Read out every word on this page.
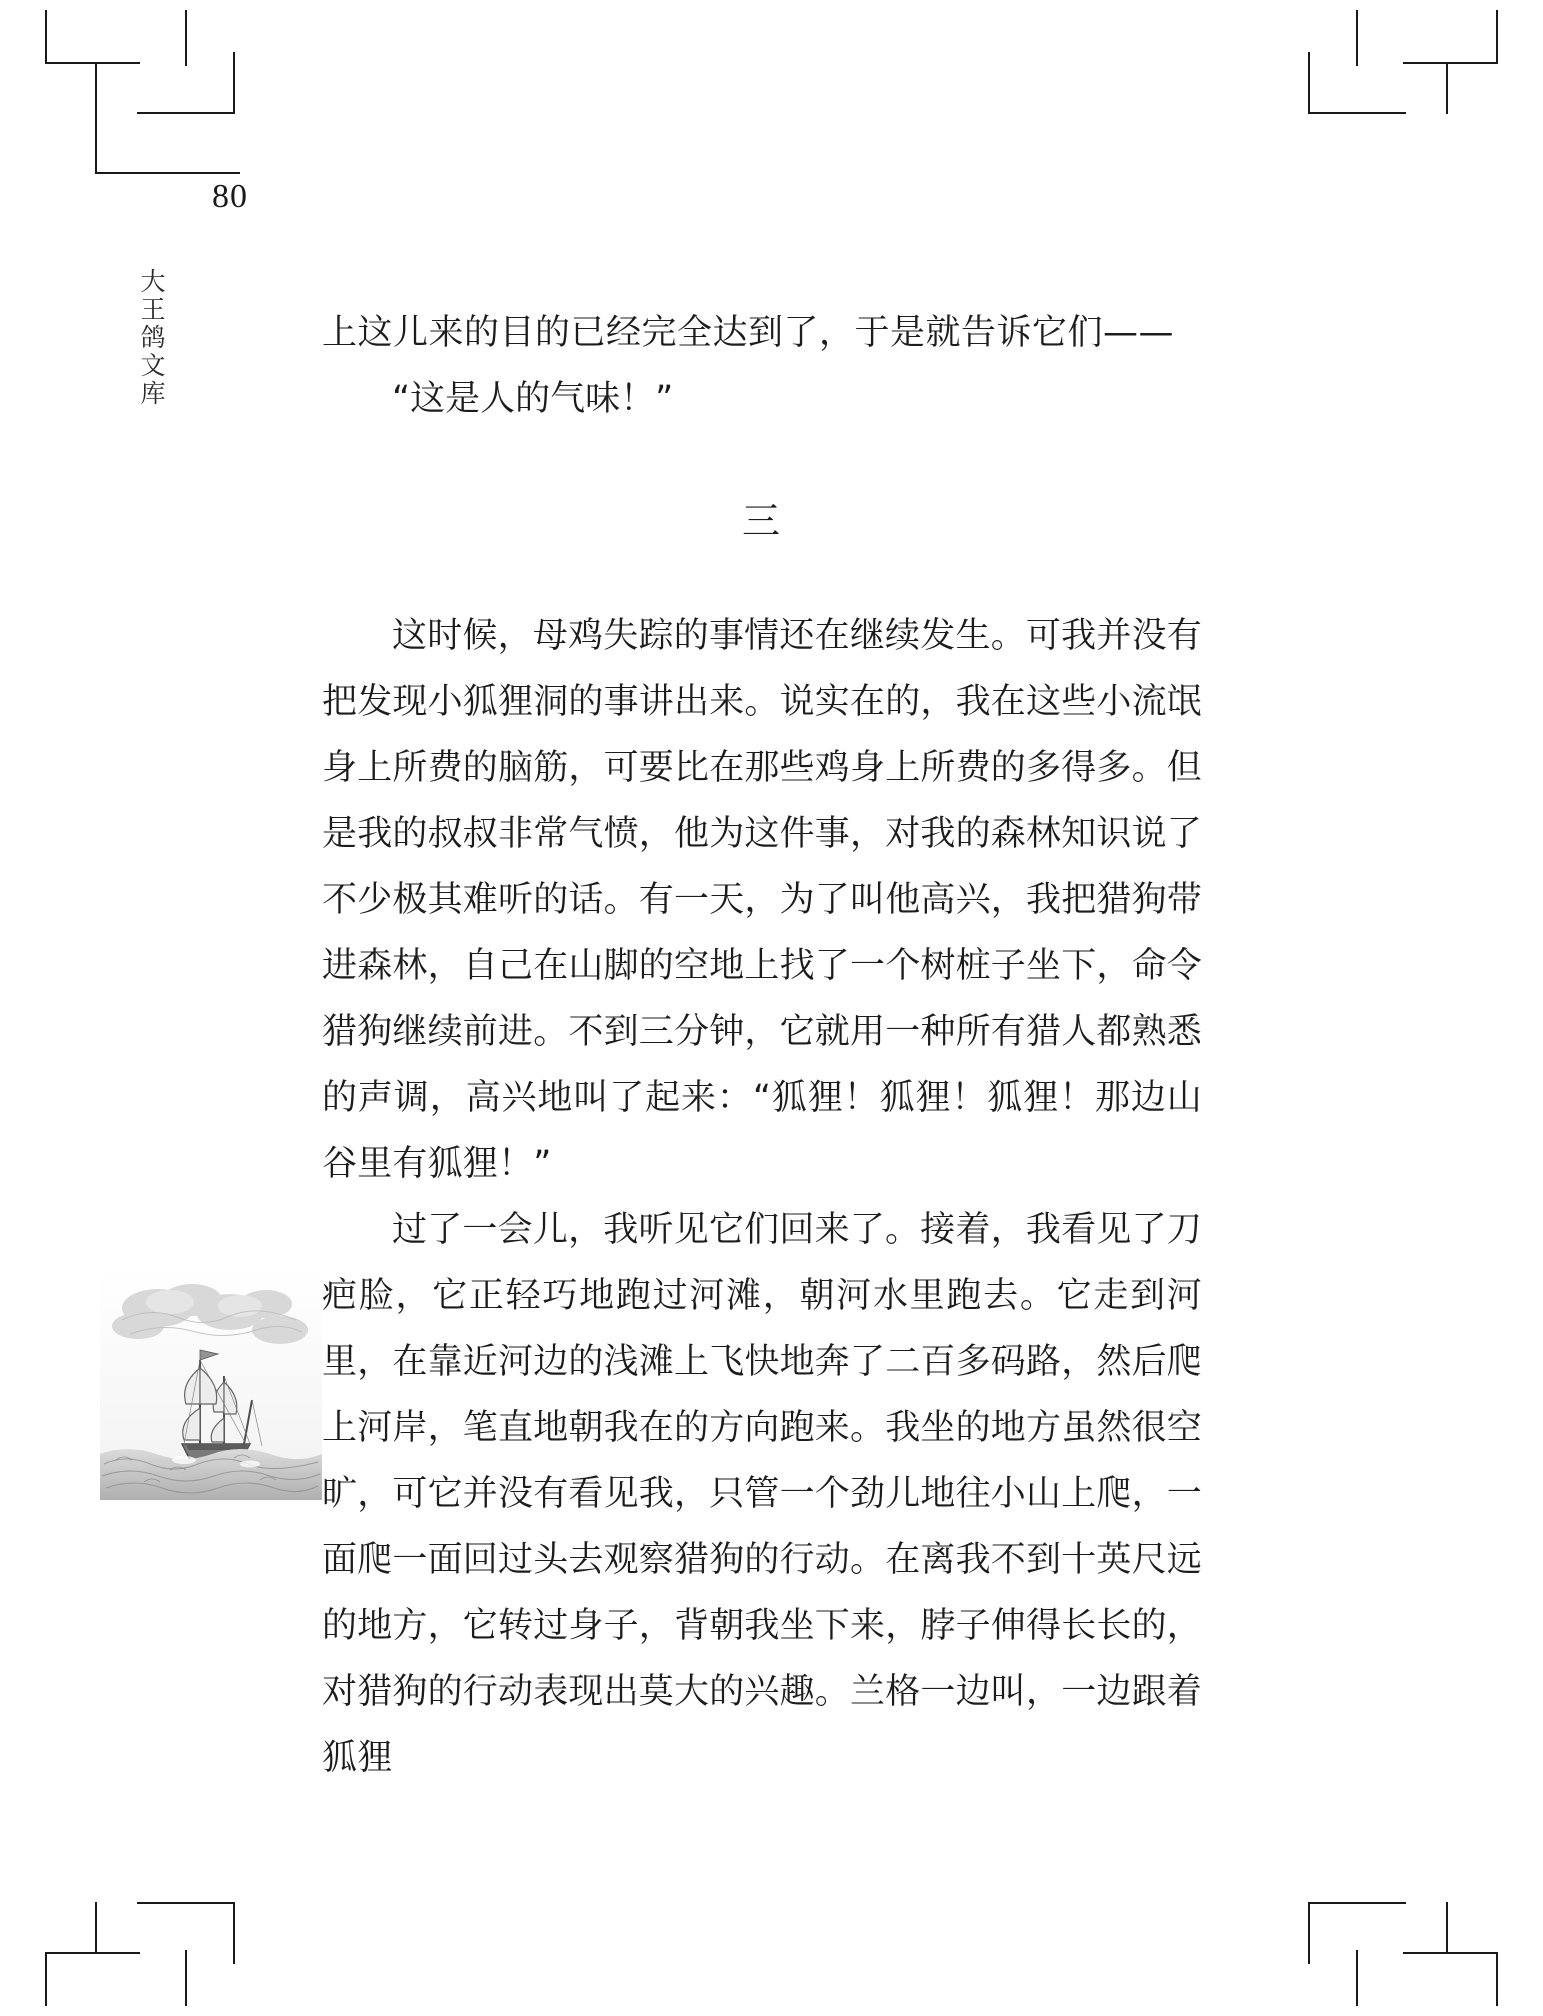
80
大王鸽文库	上这儿来的目的已经完全达到了，于是就告诉它们——
“这是人的气味！”
三

这时候，母鸡失踪的事情还在继续发生。可我并没有把发现小狐狸洞的事讲出来。说实在的，我在这些小流氓身上所费的脑筋，可要比在那些鸡身上所费的多得多。但是我的叔叔非常气愤，他为这件事，对我的森林知识说了不少极其难听的话。有一天，为了叫他高兴，我把猎狗带进森林，自己在山脚的空地上找了一个树桩子坐下，命令猎狗继续前进。不到三分钟，它就用一种所有猎人都熟悉的声调，高兴地叫了起来：“狐狸！狐狸！狐狸！那边山谷里有狐狸！”

过了一会儿，我听见它们回来了。接着，我看见了刀疤脸，它正轻巧地跑过河滩，朝河水里跑去。它走到河里，在靠近河边的浅滩上飞快地奔了二百多码路，然后爬上河岸，笔直地朝我在的方向跑来。我坐的地方虽然很空旷，可它并没有看见我，只管一个劲儿地往小山上爬，一面爬一面回过头去观察猎狗的行动。在离我不到十英尺远的地方，它转过身子，背朝我坐下来，脖子伸得长长的，对猎狗的行动表现出莫大的兴趣。兰格一边叫，一边跟着狐狸
